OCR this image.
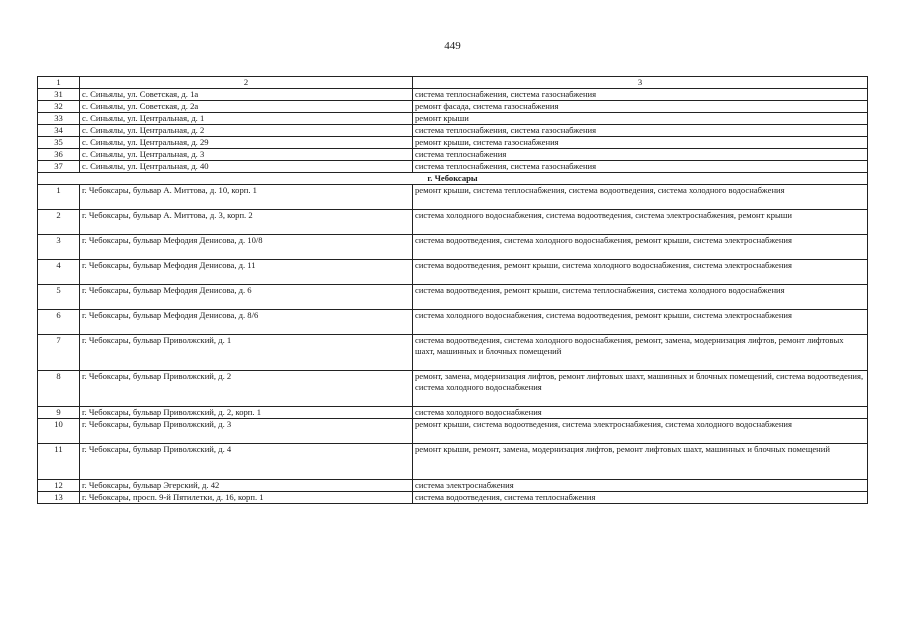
449
1	2	3
31	с. Синьялы, ул. Советская, д. 1а	система теплоснабжения, система газоснабжения
32	с. Синьялы, ул. Советская, д. 2а	ремонт фасада, система газоснабжения
33	с. Синьялы, ул. Центральная, д. 1	ремонт крыши
34	с. Синьялы, ул. Центральная, д. 2	система теплоснабжения, система газоснабжения
35	с. Синьялы, ул. Центральная, д. 29	ремонт крыши, система газоснабжения
36	с. Синьялы, ул. Центральная, д. 3	система теплоснабжения
37	с. Синьялы, ул. Центральная, д. 40	система теплоснабжения, система газоснабжения
г. Чебоксары		
1	г. Чебоксары, бульвар А. Миттова, д. 10, корп. 1	ремонт крыши, система теплоснабжения, система водоотведения, система холодного водоснабжения
2	г. Чебоксары, бульвар А. Миттова, д. 3, корп. 2	система холодного водоснабжения, система водоотведения, система электроснабжения, ремонт крыши
3	г. Чебоксары, бульвар Мефодия Денисова, д. 10/8	система водоотведения, система холодного водоснабжения, ремонт крыши, система электроснабжения
4	г. Чебоксары, бульвар Мефодия Денисова, д. 11	система водоотведения, ремонт крыши, система холодного водоснабжения, система электроснабжения
5	г. Чебоксары, бульвар Мефодия Денисова, д. 6	система водоотведения, ремонт крыши, система теплоснабжения, система холодного водоснабжения
6	г. Чебоксары, бульвар Мефодия Денисова, д. 8/6	система холодного водоснабжения, система водоотведения, ремонт крыши, система электроснабжения
7	г. Чебоксары, бульвар Приволжский, д. 1	система водоотведения, система холодного водоснабжения, ремонт, замена, модернизация лифтов, ремонт лифтовых шахт, машинных и блочных помещений
8	г. Чебоксары, бульвар Приволжский, д. 2	ремонт, замена, модернизация лифтов, ремонт лифтовых шахт, машинных и блочных помещений, система водоотведения, система холодного водоснабжения
9	г. Чебоксары, бульвар Приволжский, д. 2, корп. 1	система холодного водоснабжения
10	г. Чебоксары, бульвар Приволжский, д. 3	ремонт крыши, система водоотведения, система электроснабжения, система холодного водоснабжения
11	г. Чебоксары, бульвар Приволжский, д. 4	ремонт крыши, ремонт, замена, модернизация лифтов, ремонт лифтовых шахт, машинных и блочных помещений
12	г. Чебоксары, бульвар Эгерский, д. 42	система электроснабжения
13	г. Чебоксары, просп. 9-й Пятилетки, д. 16, корп. 1	система водоотведения, система теплоснабжения
